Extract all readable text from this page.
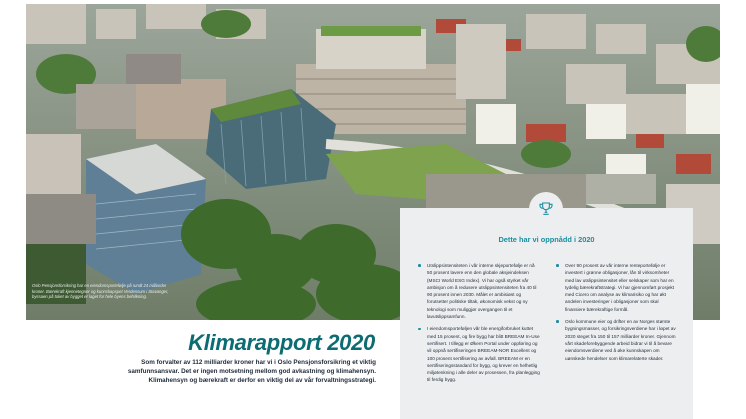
Oslo Pensjonsforsikring har en eiendomsportefølje på rundt 24 milliarder kroner. Bærekraft kjennetegner og kunnskapspet Verdensum i Stavanger, byssaen på toket av bygget er laget for hele byens befolkning.
Dette har vi oppnådd i 2020
Utslippsintensiteten i vår interne skjeportefølje er nå 50 prosent lavere enn den globale aksjeindeksen (MSCI World ESG Index). Vi har også styrket vår ambisjon om å redusere utslippsintensiteten fra 40 til 90 prosent innen 2030. Målet er ambisiøst og forutsetter politiske tiltak, økonomisk vekst og ny teknologi som muliggjør overgangen til et lavutslippsamfunn.
I eiendomsporteføljen vår ble energiforbruket kuttet med 15 prosent, og fire bygg har blitt BREEAM In-Use sertifisert. I tillegg er Økern Portal under oppføring og vil oppnå sertifiseringen BREEAM-NOR Excellent og 100 prosent sertifisering av avfall. BREEAM er en sertifiseringsstandard for bygg, og krever en helhetlig miljøtenkning i alle deler av prosessen, fra planlegging til ferdig bygg.
Over 90 prosent av vår interne renteportefølje er investert i grønne obligasjoner, lån til virksomheter med lav utslippsintensitet eller selskaper som har en tydelig bærekraftstrategi. Vi har gjennomført prosjekt med Cicero om analyse av klimarisiko og har økt andelen investeringer i obligasjoner som skal finansiere bærekraftige formål.
Oslo kommune eier og drifter en av Norges største bygningsmasser, og forsikringsverdiene har i løpet av 2020 steget fra 150 til 157 milliarder kroner. Gjennom vårt skadeforebyggende arbeid bidrar vi til å bevare eiendomsverdiene ved å øke kunnskapen om uønskede hendelser som klimarelaterte skader.
Klimarapport 2020

Som forvalter av 112 milliarder kroner har vi i Oslo Pensjonsforsikring et viktig samfunnsansvar. Det er ingen motsetning mellom god avkastning og klimahensyn. Klimahensyn og bærekraft er derfor en viktig del av vår forvaltningsstrategi.
